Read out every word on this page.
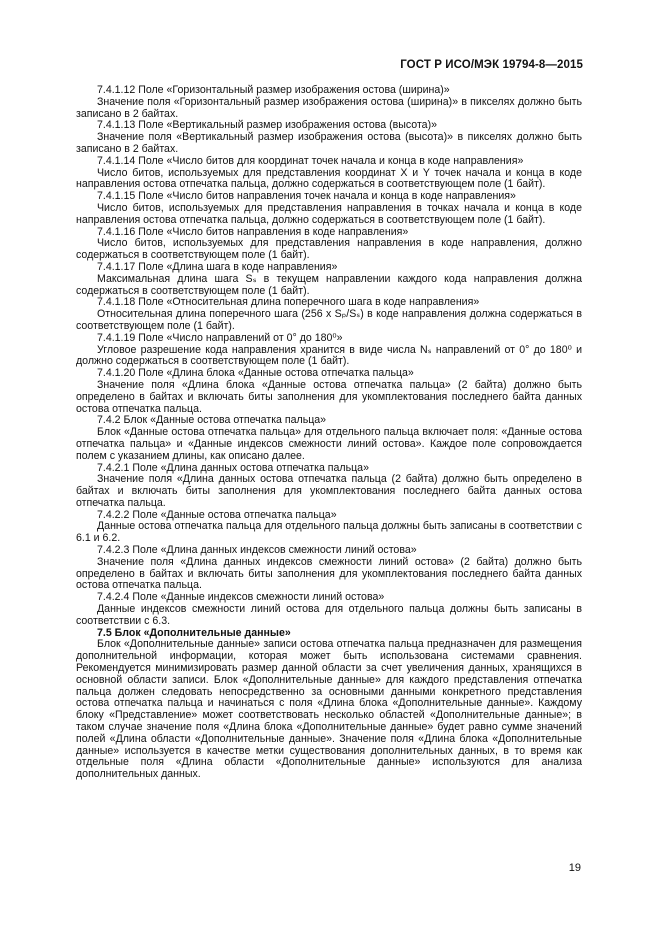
ГОСТ Р ИСО/МЭК 19794-8—2015

7.4.1.12 Поле «Горизонтальный размер изображения остова (ширина)»

Значение поля «Горизонтальный размер изображения остова (ширина)» в пикселях должно быть записано в 2 байтах.

7.4.1.13 Поле «Вертикальный размер изображения остова (высота)»

Значение поля «Вертикальный размер изображения остова (высота)» в пикселях должно быть записано в 2 байтах.

7.4.1.14 Поле «Число битов для координат точек начала и конца в коде направления»

Число битов, используемых для представления координат X и Y точек начала и конца в коде направления остова отпечатка пальца, должно содержаться в соответствующем поле (1 байт).

7.4.1.15 Поле «Число битов направления точек начала и конца в коде направления»

Число битов, используемых для представления направления в точках начала и конца в коде направления остова отпечатка пальца, должно содержаться в соответствующем поле (1 байт).

7.4.1.16 Поле «Число битов направления в коде направления»

Число битов, используемых для представления направления в коде направления, должно содержаться в соответствующем поле (1 байт).

7.4.1.17 Поле «Длина шага в коде направления»

Максимальная длина шага Sₛ в текущем направлении каждого кода направления должна содержаться в соответствующем поле (1 байт).

7.4.1.18 Поле «Относительная длина поперечного шага в коде направления»

Относительная длина поперечного шага (256 x Sₚ/Sₛ) в коде направления должна содержаться в соответствующем поле (1 байт).

7.4.1.19 Поле «Число направлений от 0° до 180⁰»

Угловое разрешение кода направления хранится в виде числа Nₛ направлений от 0° до 180⁰ и должно содержаться в соответствующем поле (1 байт).

7.4.1.20 Поле «Длина блока «Данные остова отпечатка пальца»

Значение поля «Длина блока «Данные остова отпечатка пальца» (2 байта) должно быть определено в байтах и включать биты заполнения для укомплектования последнего байта данных остова отпечатка пальца.

7.4.2 Блок «Данные остова отпечатка пальца»

Блок «Данные остова отпечатка пальца» для отдельного пальца включает поля: «Данные остова отпечатка пальца» и «Данные индексов смежности линий остова». Каждое поле сопровождается полем с указанием длины, как описано далее.

7.4.2.1 Поле «Длина данных остова отпечатка пальца»

Значение поля «Длина данных остова отпечатка пальца (2 байта) должно быть определено в байтах и включать биты заполнения для укомплектования последнего байта данных остова отпечатка пальца.

7.4.2.2 Поле «Данные остова отпечатка пальца»

Данные остова отпечатка пальца для отдельного пальца должны быть записаны в соответствии с 6.1 и 6.2.

7.4.2.3 Поле «Длина данных индексов смежности линий остова»

Значение поля «Длина данных индексов смежности линий остова» (2 байта) должно быть определено в байтах и включать биты заполнения для укомплектования последнего байта данных остова отпечатка пальца.

7.4.2.4 Поле «Данные индексов смежности линий остова»

Данные индексов смежности линий остова для отдельного пальца должны быть записаны в соответствии с 6.3.

7.5 Блок «Дополнительные данные»

Блок «Дополнительные данные» записи остова отпечатка пальца предназначен для размещения дополнительной информации, которая может быть использована системами сравнения. Рекомендуется минимизировать размер данной области за счет увеличения данных, хранящихся в основной области записи. Блок «Дополнительные данные» для каждого представления отпечатка пальца должен следовать непосредственно за основными данными конкретного представления остова отпечатка пальца и начинаться с поля «Длина блока «Дополнительные данные». Каждому блоку «Представление» может соответствовать несколько областей «Дополнительные данные»; в таком случае значение поля «Длина блока «Дополнительные данные» будет равно сумме значений полей «Длина области «Дополнительные данные». Значение поля «Длина блока «Дополнительные данные» используется в качестве метки существования дополнительных данных, в то время как отдельные поля «Длина области «Дополнительные данные» используются для анализа дополнительных данных.

19
